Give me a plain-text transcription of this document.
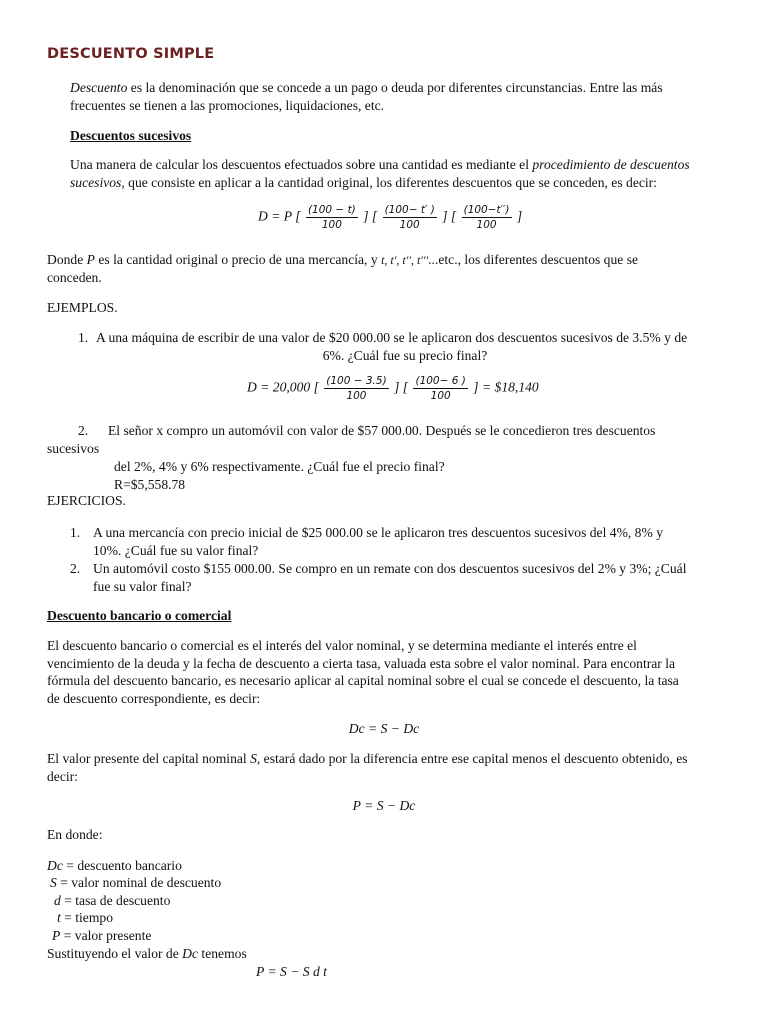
DESCUENTO SIMPLE
Descuento es la denominación que se concede a un pago o deuda por diferentes circunstancias. Entre las más
frecuentes se tienen a las promociones, liquidaciones, etc.
Descuentos sucesivos
Una manera de calcular los descuentos efectuados sobre una cantidad es mediante el procedimiento de descuentos
sucesivos, que consiste en aplicar a la cantidad original, los diferentes descuentos que se conceden, es decir:
D = P [ $\frac{(100 - t)}{100}$ ] [ $\frac{(100- t' )}{100}$ ] [ $\frac{(100-t'')}{100}$ ]
Donde P es la cantidad original o precio de una mercancía, y t, t′, t′′, t′′′...etc., los diferentes descuentos que se
conceden.
EJEMPLOS.
1. A una máquina de escribir de una valor de $20 000.00 se le aplicaron dos descuentos sucesivos de 3.5% y de
6%. ¿Cuál fue su precio final?
D = 20,000 [ $\frac{(100 - 3.5)}{100}$ ] [ $\frac{(100- 6 )}{100}$ ] = $18,140
2. El señor x compro un automóvil con valor de $57 000.00. Después se le concedieron tres descuentos
sucesivos
del 2%, 4% y 6% respectivamente. ¿Cuál fue el precio final?
R=$5,558.78
EJERCICIOS.
1. A una mercancía con precio inicial de $25 000.00 se le aplicaron tres descuentos sucesivos del 4%, 8% y
10%. ¿Cuál fue su valor final?
2. Un automóvil costo $155 000.00. Se compro en un remate con dos descuentos sucesivos del 2% y 3%; ¿Cuál
fue su valor final?
Descuento bancario o comercial
El descuento bancario o comercial es el interés del valor nominal, y se determina mediante el interés entre el
vencimiento de la deuda y la fecha de descuento a cierta tasa, valuada esta sobre el valor nominal. Para encontrar la
fórmula del descuento bancario, es necesario aplicar al capital nominal sobre el cual se concede el descuento, la tasa
de descuento correspondiente, es decir:
Dc = S − Dc
El valor presente del capital nominal S, estará dado por la diferencia entre ese capital menos el descuento obtenido, es
decir:
P = S − Dc
En donde:
Dc = descuento bancario
S = valor nominal de descuento
d = tasa de descuento
t = tiempo
P = valor presente
Sustituyendo el valor de Dc tenemos
P = S − S d t
